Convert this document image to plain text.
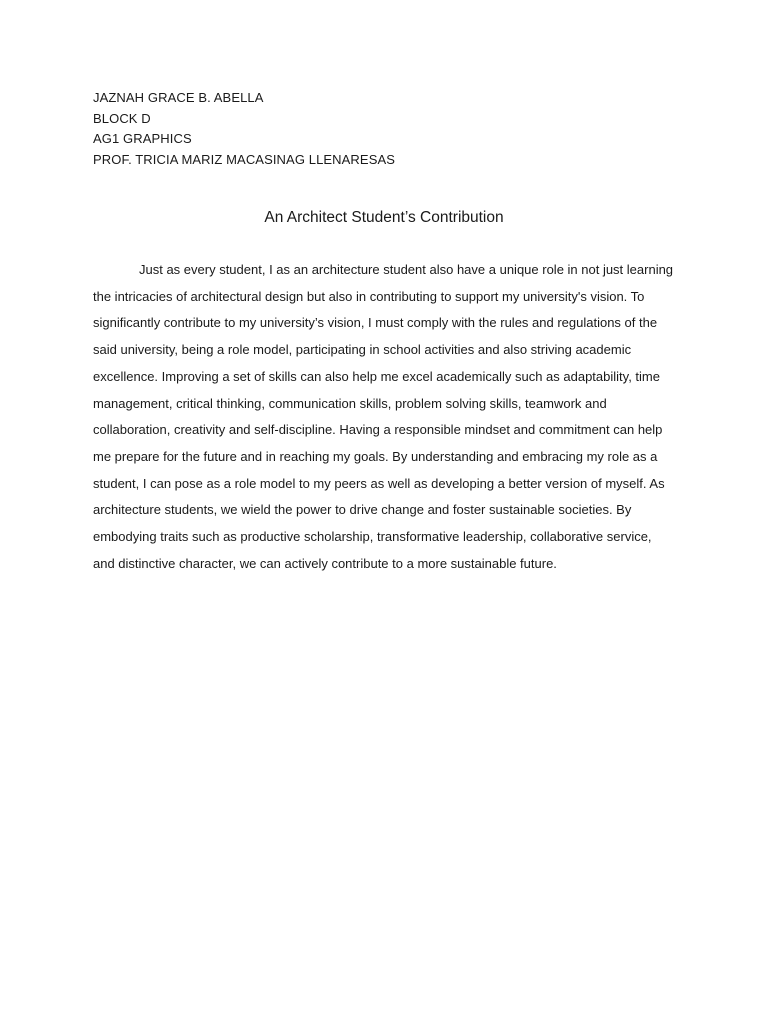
JAZNAH GRACE B. ABELLA
BLOCK D
AG1 GRAPHICS
PROF. TRICIA MARIZ MACASINAG LLENARESAS
An Architect Student’s Contribution

Just as every student, I as an architecture student also have a unique role in not just learning the intricacies of architectural design but also in contributing to support my university's vision. To significantly contribute to my university’s vision, I must comply with the rules and regulations of the said university, being a role model, participating in school activities and also striving academic excellence. Improving a set of skills can also help me excel academically such as adaptability, time management, critical thinking, communication skills, problem solving skills, teamwork and collaboration, creativity and self-discipline. Having a responsible mindset and commitment can help me prepare for the future and in reaching my goals. By understanding and embracing my role as a student, I can pose as a role model to my peers as well as developing a better version of myself. As architecture students, we wield the power to drive change and foster sustainable societies. By embodying traits such as productive scholarship, transformative leadership, collaborative service, and distinctive character, we can actively contribute to a more sustainable future.
